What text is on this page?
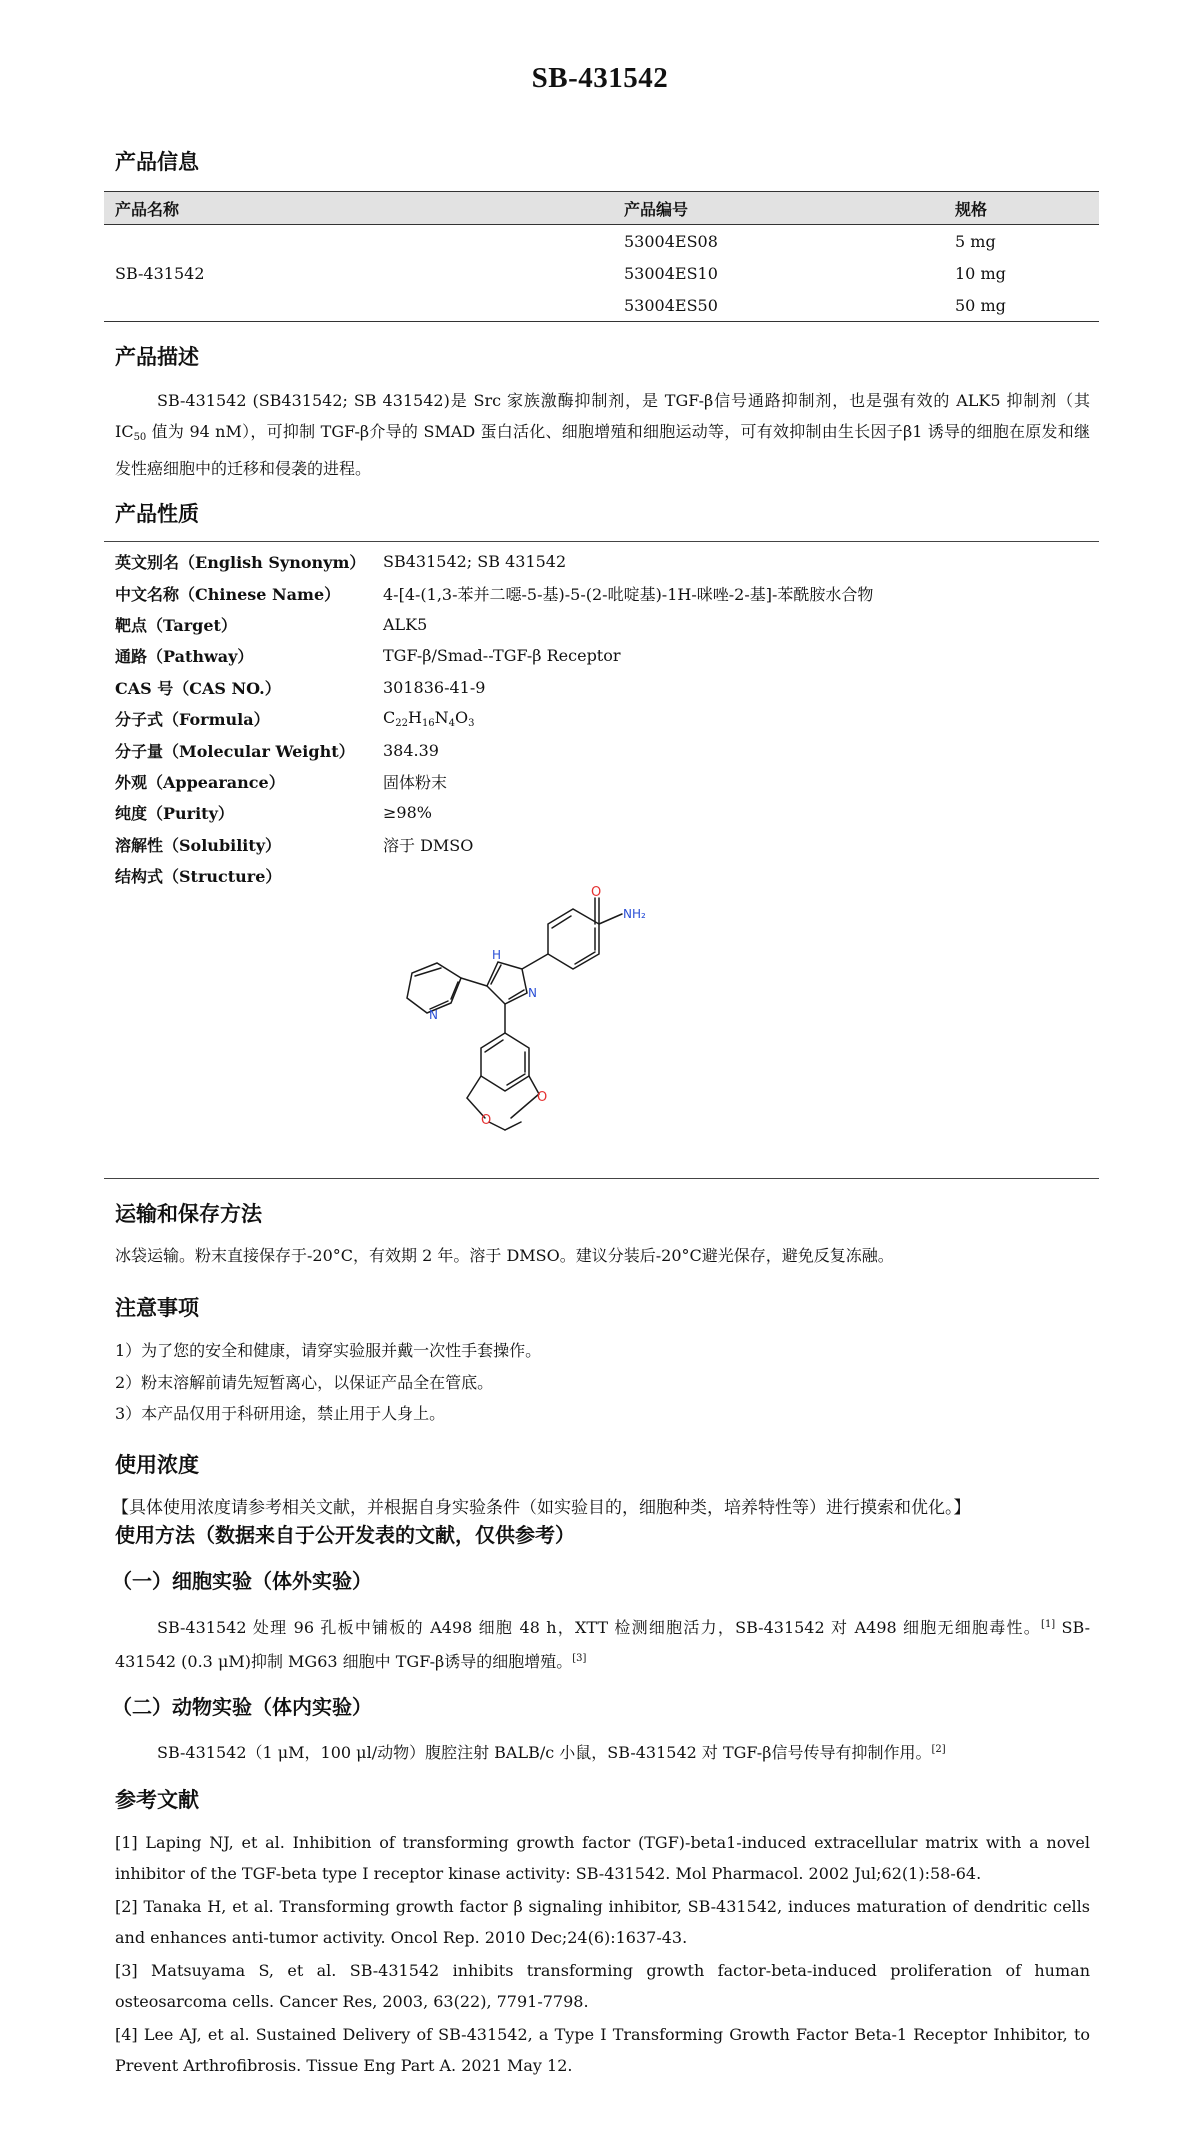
SB-431542
产品信息
产品名称	产品编号	规格
SB-431542	53004ES08	5 mg
	53004ES10	10 mg
	53004ES50	50 mg
产品描述

SB-431542 (SB431542; SB 431542)是 Src 家族激酶抑制剂，是 TGF-β信号通路抑制剂，也是强有效的 ALK5 抑制剂（其 $IC_{50}$ 值为 94 nM），可抑制 TGF-β介导的 SMAD 蛋白活化、细胞增殖和细胞运动等，可有效抑制由生长因子β1 诱导的细胞在原发和继发性癌细胞中的迁移和侵袭的进程。

产品性质
英文别名（English Synonym）	SB431542; SB 431542
中文名称（Chinese Name）	4-[4-(1,3-苯并二噁-5-基)-5-(2-吡啶基)-1H-咪唑-2-基]-苯酰胺水合物
靶点（Target）	ALK5
通路（Pathway）	TGF-β/Smad--TGF-β Receptor
CAS 号（CAS NO.）	301836-41-9
分子式（Formula）	$C_{22}H_{16}N_4O_3$
分子量（Molecular Weight）	384.39
外观（Appearance）	固体粉末
纯度（Purity）	≥98%
溶解性（Solubility）	溶于 DMSO
结构式（Structure）
O
NH₂
H
N
N
O
O
运输和保存方法

冰袋运输。粉末直接保存于-20°C，有效期 2 年。溶于 DMSO。建议分装后-20°C避光保存，避免反复冻融。

注意事项

1）为了您的安全和健康，请穿实验服并戴一次性手套操作。

2）粉末溶解前请先短暂离心，以保证产品全在管底。

3）本产品仅用于科研用途，禁止用于人身上。

使用浓度

【具体使用浓度请参考相关文献，并根据自身实验条件（如实验目的，细胞种类，培养特性等）进行摸索和优化。】

使用方法（数据来自于公开发表的文献，仅供参考）
（一）细胞实验（体外实验）

SB-431542 处理 96 孔板中铺板的 A498 细胞 48 h，XTT 检测细胞活力，SB-431542 对 A498 细胞无细胞毒性。[1] SB-431542 (0.3 μM)抑制 MG63 细胞中 TGF-β诱导的细胞增殖。[3]

（二）动物实验（体内实验）

SB-431542（1 μM，100 μl/动物）腹腔注射 BALB/c 小鼠，SB-431542 对 TGF-β信号传导有抑制作用。[2]

参考文献

[1] Laping NJ, et al. Inhibition of transforming growth factor (TGF)-beta1-induced extracellular matrix with a novel inhibitor of the TGF-beta type I receptor kinase activity: SB-431542. Mol Pharmacol. 2002 Jul;62(1):58-64.

[2] Tanaka H, et al. Transforming growth factor β signaling inhibitor, SB-431542, induces maturation of dendritic cells and enhances anti-tumor activity. Oncol Rep. 2010 Dec;24(6):1637-43.

[3] Matsuyama S, et al. SB-431542 inhibits transforming growth factor-beta-induced proliferation of human osteosarcoma cells. Cancer Res, 2003, 63(22), 7791-7798.

[4] Lee AJ, et al. Sustained Delivery of SB-431542, a Type I Transforming Growth Factor Beta-1 Receptor Inhibitor, to Prevent Arthrofibrosis. Tissue Eng Part A. 2021 May 12.
